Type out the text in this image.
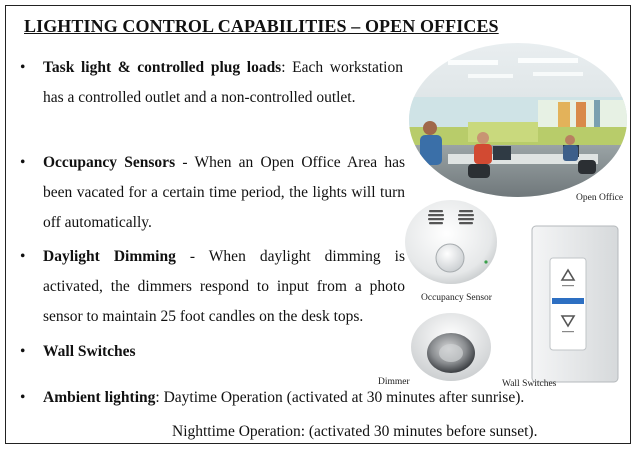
LIGHTING CONTROL CAPABILITIES – OPEN OFFICES
• Task light & controlled plug loads: Each workstation has a controlled outlet and a non-controlled outlet.
• Occupancy Sensors - When an Open Office Area has been vacated for a certain time period, the lights will turn off automatically.
• Daylight Dimming - When daylight dimming is activated, the dimmers respond to input from a photo sensor to maintain 25 foot candles on the desk tops.
• Wall Switches
• Ambient lighting: Daytime Operation (activated at 30 minutes after sunrise).
Nighttime Operation: (activated 30 minutes before sunset).
Open Office
Occupancy Sensor
Dimmer	Wall Switches
